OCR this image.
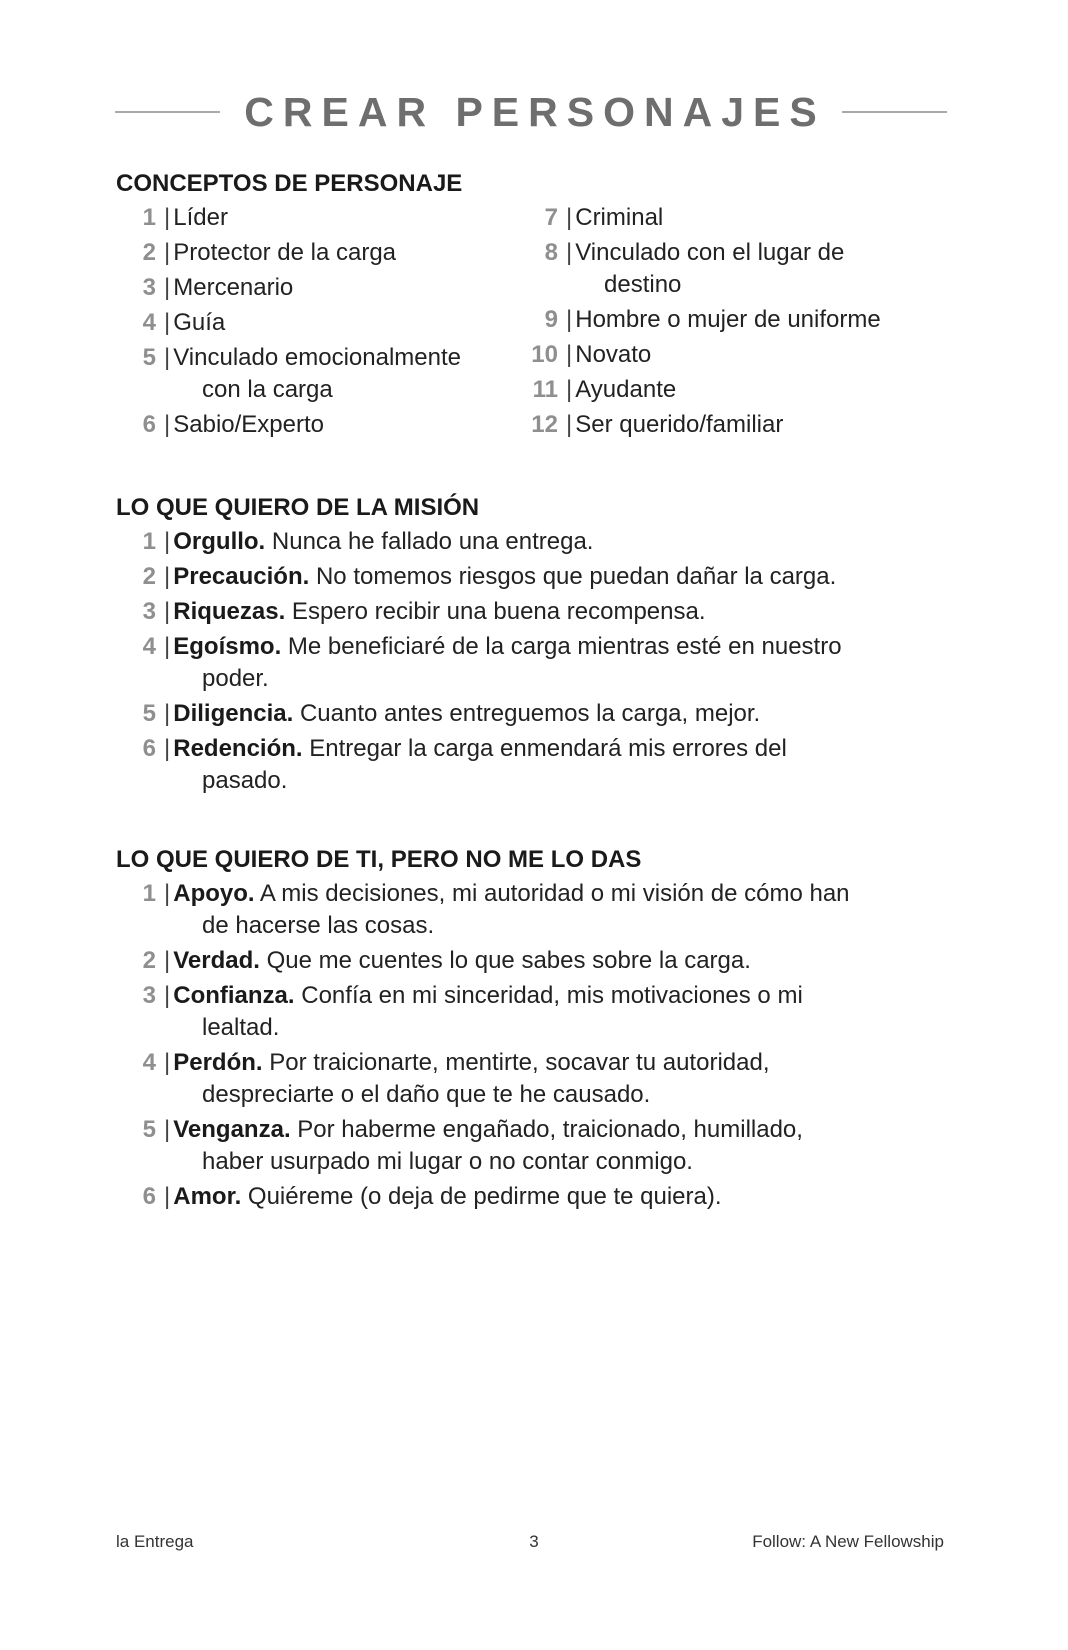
CREAR PERSONAJES
CONCEPTOS DE PERSONAJE
1 | Líder
2 | Protector de la carga
3 | Mercenario
4 | Guía
5 | Vinculado emocionalmente
con la carga
6 | Sabio/Experto
7 | Criminal
8 | Vinculado con el lugar de
destino
9 | Hombre o mujer de uniforme
10 | Novato
11 | Ayudante
12 | Ser querido/familiar
LO QUE QUIERO DE LA MISIÓN
1 | Orgullo. Nunca he fallado una entrega.
2 | Precaución. No tomemos riesgos que puedan dañar la carga.
3 | Riquezas. Espero recibir una buena recompensa.
4 | Egoísmo. Me beneficiaré de la carga mientras esté en nuestro
poder.
5 | Diligencia. Cuanto antes entreguemos la carga, mejor.
6 | Redención. Entregar la carga enmendará mis errores del
pasado.
LO QUE QUIERO DE TI, PERO NO ME LO DAS
1 | Apoyo. A mis decisiones, mi autoridad o mi visión de cómo han
de hacerse las cosas.
2 | Verdad. Que me cuentes lo que sabes sobre la carga.
3 | Confianza. Confía en mi sinceridad, mis motivaciones o mi
lealtad.
4 | Perdón. Por traicionarte, mentirte, socavar tu autoridad,
despreciarte o el daño que te he causado.
5 | Venganza. Por haberme engañado, traicionado, humillado,
haber usurpado mi lugar o no contar conmigo.
6 | Amor. Quiéreme (o deja de pedirme que te quiera).
la Entrega	3	Follow: A New Fellowship
